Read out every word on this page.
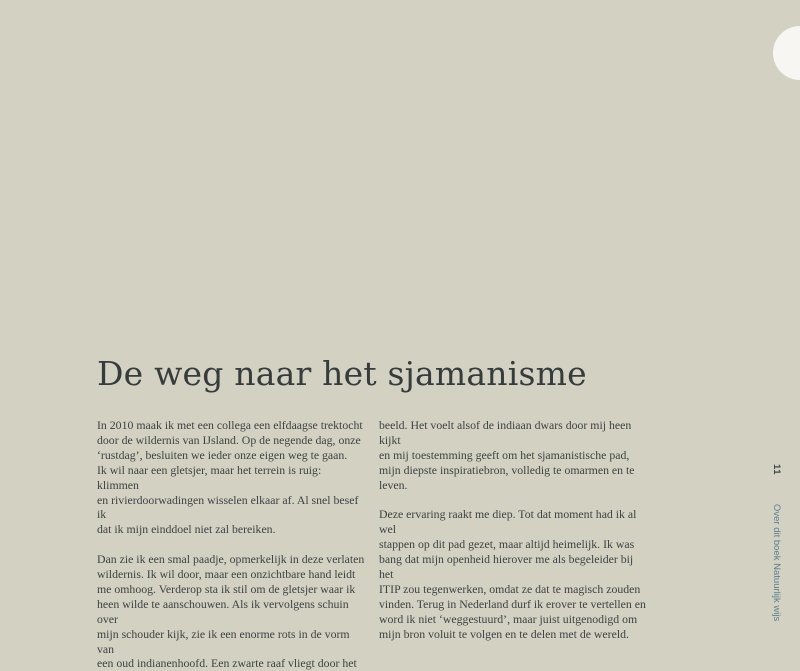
De weg naar het sjamanisme

In 2010 maak ik met een collega een elfdaagse trektocht
door de wildernis van IJsland. Op de negende dag, onze
‘rustdag’, besluiten we ieder onze eigen weg te gaan.
Ik wil naar een gletsjer, maar het terrein is ruig: klimmen
en rivierdoorwadingen wisselen elkaar af. Al snel besef ik
dat ik mijn einddoel niet zal bereiken.

Dan zie ik een smal paadje, opmerkelijk in deze verlaten
wildernis. Ik wil door, maar een onzichtbare hand leidt
me omhoog. Verderop sta ik stil om de gletsjer waar ik
heen wilde te aanschouwen. Als ik vervolgens schuin over
mijn schouder kijk, zie ik een enorme rots in de vorm van
een oud indianenhoofd. Een zwarte raaf vliegt door het

beeld. Het voelt alsof de indiaan dwars door mij heen kijkt
en mij toestemming geeft om het sjamanistische pad,
mijn diepste inspiratiebron, volledig te omarmen en te
leven.

Deze ervaring raakt me diep. Tot dat moment had ik al wel
stappen op dit pad gezet, maar altijd heimelijk. Ik was
bang dat mijn openheid hierover me als begeleider bij het
ITIP zou tegenwerken, omdat ze dat te magisch zouden
vinden. Terug in Nederland durf ik erover te vertellen en
word ik niet ‘weggestuurd’, maar juist uitgenodigd om
mijn bron voluit te volgen en te delen met de wereld.

11 Over dit boek Natuurlijk wijs
